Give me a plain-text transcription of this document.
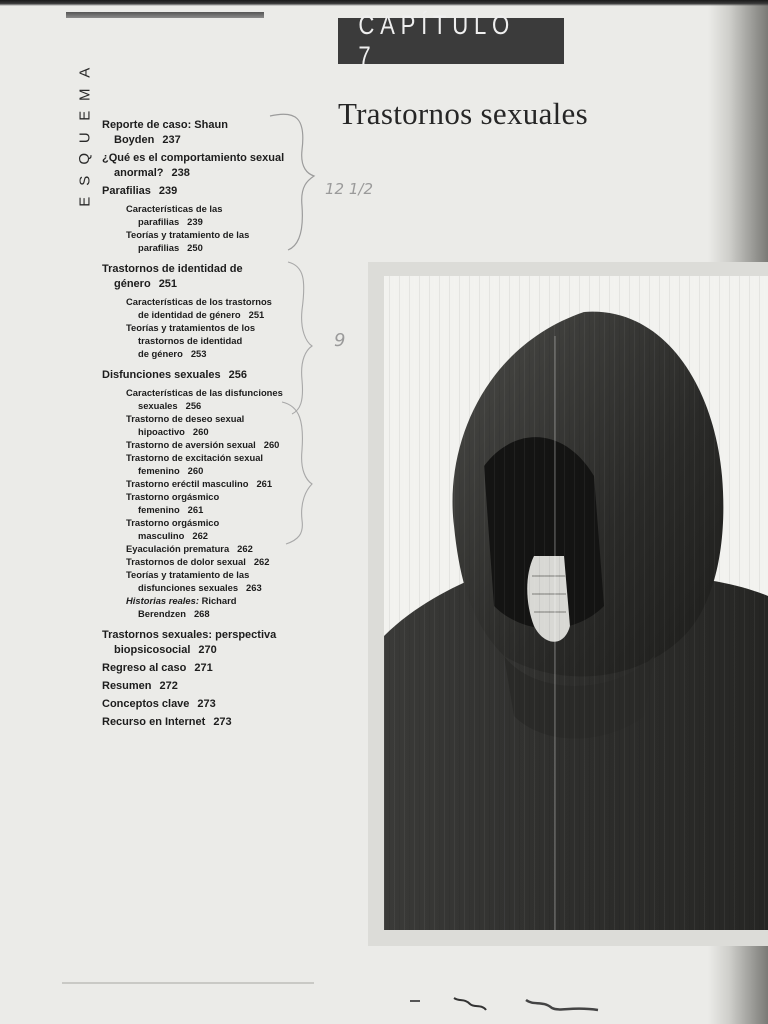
CAPÍTULO 7
Trastornos sexuales
A
M
E
U
Q
S
E

Reporte de caso: Shaun

Boyden 237

¿Qué es el comportamiento sexual

anormal? 238

Parafilias 239

Características de las

parafilias 239

Teorías y tratamiento de las

parafilias 250

Trastornos de identidad de

género 251

Características de los trastornos

de identidad de género 251

Teorías y tratamientos de los

trastornos de identidad
de género 253

Disfunciones sexuales 256

Características de las disfunciones

sexuales 256

Trastorno de deseo sexual

hipoactivo 260

Trastorno de aversión sexual 260

Trastorno de excitación sexual

femenino 260

Trastorno eréctil masculino 261

Trastorno orgásmico

femenino 261

Trastorno orgásmico

masculino 262

Eyaculación prematura 262

Trastornos de dolor sexual 262

Teorías y tratamiento de las

disfunciones sexuales 263

Historias reales: Richard

Berendzen 268

Trastornos sexuales: perspectiva

biopsicosocial 270

Regreso al caso 271

Resumen 272

Conceptos clave 273

Recurso en Internet 273

12 1/2
9
